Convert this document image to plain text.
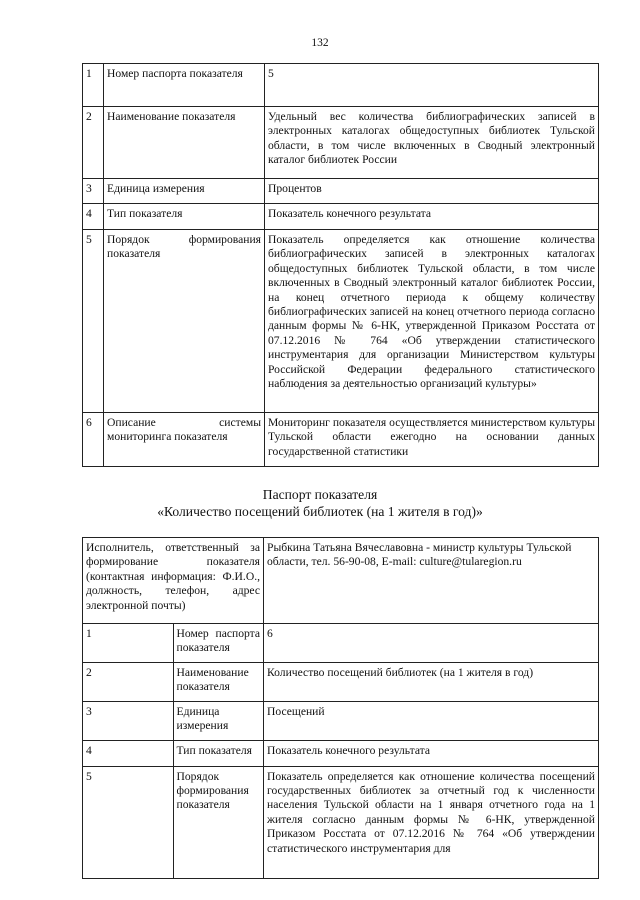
132
1	Номер паспорта показателя	5
2	Наименование показателя	Удельный вес количества библиографических записей в электронных каталогах общедоступных библиотек Тульской области, в том числе включенных в Сводный электронный каталог библиотек России
3	Единица измерения	Процентов
4	Тип показателя	Показатель конечного результата
5	Порядок формирования показателя	Показатель определяется как отношение количества библиографических записей в электронных каталогах общедоступных библиотек Тульской области, в том числе включенных в Сводный электронный каталог библиотек России, на конец отчетного периода к общему количеству библиографических записей на конец отчетного периода согласно данным формы № 6-НК, утвержденной Приказом Росстата от 07.12.2016 № 764 «Об утверждении статистического инструментария для организации Министерством культуры Российской Федерации федерального статистического наблюдения за деятельностью организаций культуры»
6	Описание системы мониторинга показателя	Мониторинг показателя осуществляется министерством культуры Тульской области ежегодно на основании данных государственной статистики
Паспорт показателя
«Количество посещений библиотек (на 1 жителя в год)»
Исполнитель, ответственный за формирование показателя (контактная информация: Ф.И.О., должность, телефон, адрес электронной почты)		Рыбкина Татьяна Вячеславовна - министр культуры Тульской области, тел. 56-90-08, E-mail: culture@tularegion.ru
1	Номер паспорта показателя	6
2	Наименование показателя	Количество посещений библиотек (на 1 жителя в год)
3	Единица измерения	Посещений
4	Тип показателя	Показатель конечного результата
5	Порядок формирования показателя	Показатель определяется как отношение количества посещений государственных библиотек за отчетный год к численности населения Тульской области на 1 января отчетного года на 1 жителя согласно данным формы № 6-НК, утвержденной Приказом Росстата от 07.12.2016 № 764 «Об утверждении статистического инструментария для
